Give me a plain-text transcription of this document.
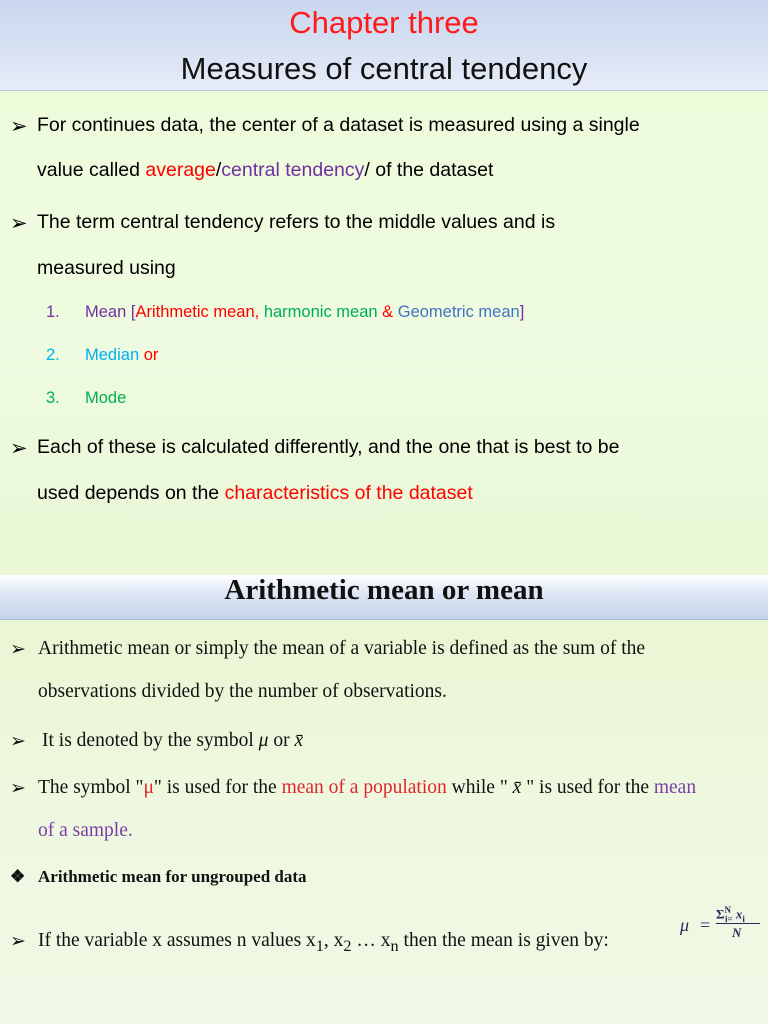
Chapter three
Measures of central tendency
➢ For continues data, the center of a dataset is measured using a single
value called average/central tendency/ of the dataset
➢ The term central tendency refers to the middle values and is
measured using
1. Mean [Arithmetic mean, harmonic mean & Geometric mean]
2. Median or
3. Mode
➢ Each of these is calculated differently, and the one that is best to be
used depends on the characteristics of the dataset
Arithmetic mean or mean
➢ Arithmetic mean or simply the mean of a variable is defined as the sum of the
observations divided by the number of observations.
➢ It is denoted by the symbol μ or x̄
➢ The symbol "μ" is used for the mean of a population while " x̄ " is used for the mean
of a sample.
❖ Arithmetic mean for ungrouped data
➢ If the variable x assumes n values $x_1$, $x_2$ … $x_n$ then the mean is given by:
μ =
$\Sigma^N_{i=}$ $x_i$
N
